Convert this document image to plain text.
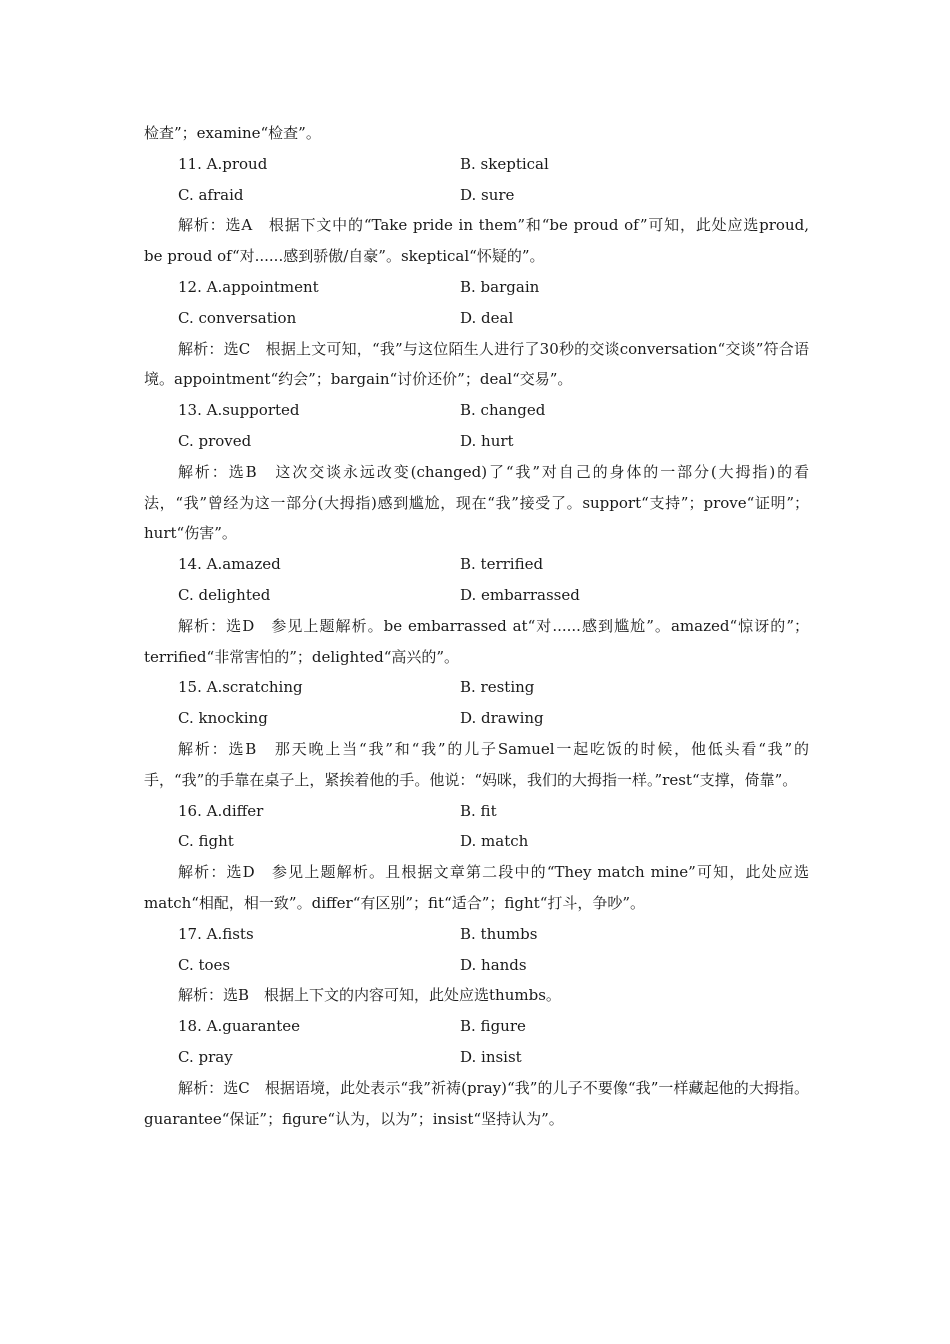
检查”；examine“检查”。

11. A.proud	B. skeptical
C. afraid	D. sure

解析：选A　根据下文中的“Take pride in them”和“be proud of”可知，此处应选proud, be proud of“对......感到骄傲/自豪”。skeptical“怀疑的”。

12. A.appointment	B. bargain
C. conversation	D. deal

解析：选C　根据上文可知，“我”与这位陌生人进行了30秒的交谈conversation“交谈”符合语境。appointment“约会”；bargain“讨价还价”；deal“交易”。

13. A.supported	B. changed
C. proved	D. hurt

解析：选B　这次交谈永远改变(changed)了“我”对自己的身体的一部分(大拇指)的看法，“我”曾经为这一部分(大拇指)感到尴尬，现在“我”接受了。support“支持”；prove“证明”；hurt“伤害”。

14. A.amazed	B. terrified
C. delighted	D. embarrassed

解析：选D　参见上题解析。be embarrassed at“对......感到尴尬”。amazed“惊讶的”；terrified“非常害怕的”；delighted“高兴的”。

15. A.scratching	B. resting
C. knocking	D. drawing

解析：选B　那天晚上当“我”和“我”的儿子Samuel一起吃饭的时候，他低头看“我”的手，“我”的手靠在桌子上，紧挨着他的手。他说：“妈咪，我们的大拇指一样。”rest“支撑，倚靠”。

16. A.differ	B. fit
C. fight	D. match

解析：选D　参见上题解析。且根据文章第二段中的“They match mine”可知，此处应选match“相配，相一致”。differ“有区别”；fit“适合”；fight“打斗，争吵”。

17. A.fists	B. thumbs
C. toes	D. hands

解析：选B　根据上下文的内容可知，此处应选thumbs。

18. A.guarantee	B. figure
C. pray	D. insist

解析：选C　根据语境，此处表示“我”祈祷(pray)“我”的儿子不要像“我”一样藏起他的大拇指。guarantee“保证”；figure“认为，以为”；insist“坚持认为”。
